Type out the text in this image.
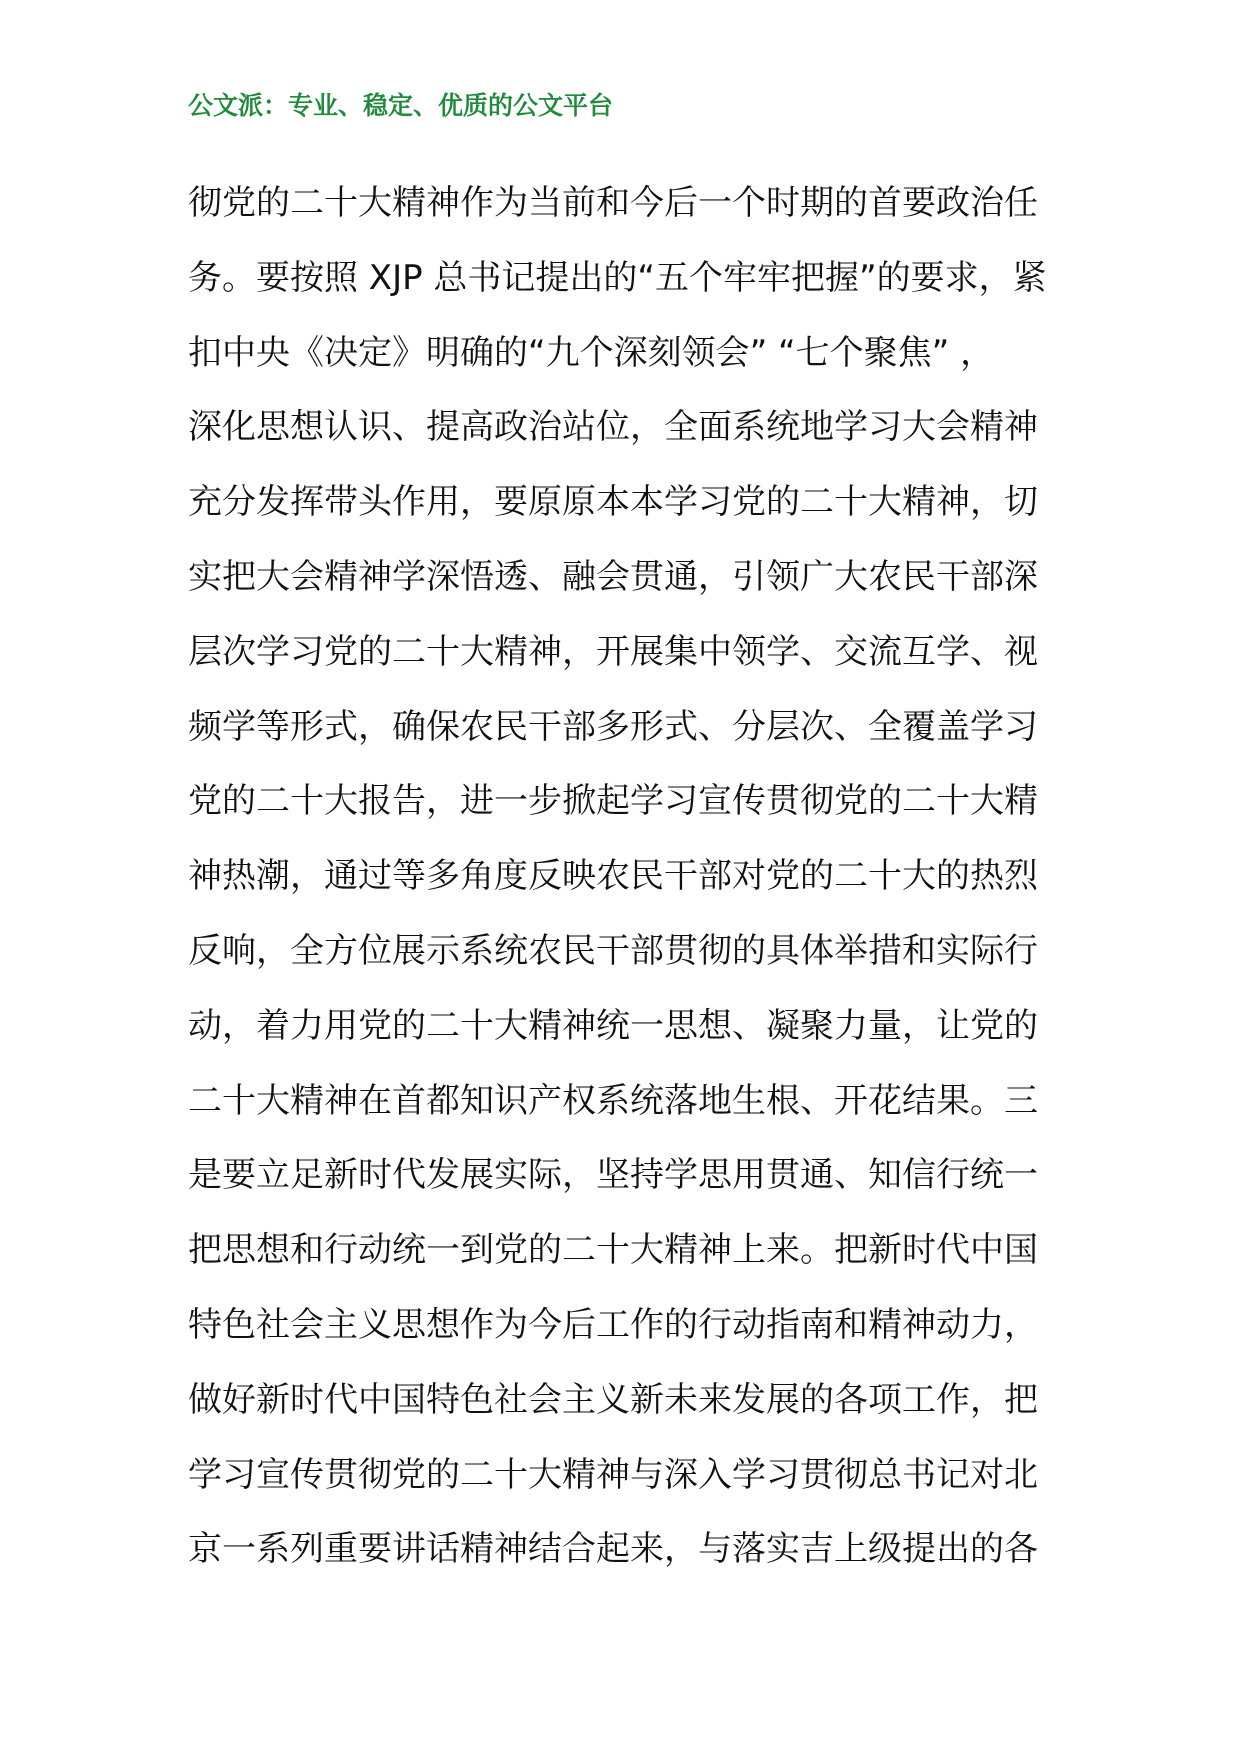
公文派：专业、稳定、优质的公文平台
彻党的二十大精神作为当前和今后一个时期的首要政治任
务。要按照 XJP 总书记提出的“五个牢牢把握”的要求，紧
扣中央《决定》明确的“九个深刻领会” “七个聚焦” ，
深化思想认识、提高政治站位，全面系统地学习大会精神
充分发挥带头作用，要原原本本学习党的二十大精神，切
实把大会精神学深悟透、融会贯通，引领广大农民干部深
层次学习党的二十大精神，开展集中领学、交流互学、视
频学等形式，确保农民干部多形式、分层次、全覆盖学习
党的二十大报告，进一步掀起学习宣传贯彻党的二十大精
神热潮，通过等多角度反映农民干部对党的二十大的热烈
反响，全方位展示系统农民干部贯彻的具体举措和实际行
动，着力用党的二十大精神统一思想、凝聚力量，让党的
二十大精神在首都知识产权系统落地生根、开花结果。三
是要立足新时代发展实际，坚持学思用贯通、知信行统一
把思想和行动统一到党的二十大精神上来。把新时代中国
特色社会主义思想作为今后工作的行动指南和精神动力，
做好新时代中国特色社会主义新未来发展的各项工作，把
学习宣传贯彻党的二十大精神与深入学习贯彻总书记对北
京一系列重要讲话精神结合起来，与落实吉上级提出的各
